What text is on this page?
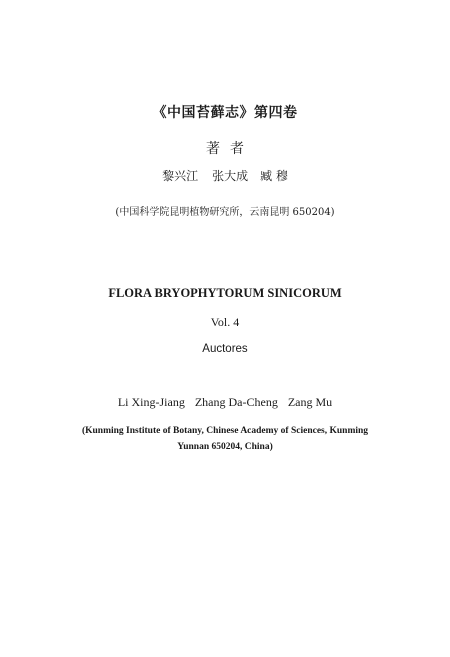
《中国苔藓志》第四卷
著者
黎兴江 张大成 臧 穆
(中国科学院昆明植物研究所，云南昆明 650204)
FLORA BRYOPHYTORUM SINICORUM
Vol. 4
Auctores
Li Xing-Jiang Zhang Da-Cheng Zang Mu
(Kunming Institute of Botany, Chinese Academy of Sciences, Kunming
Yunnan 650204, China)
